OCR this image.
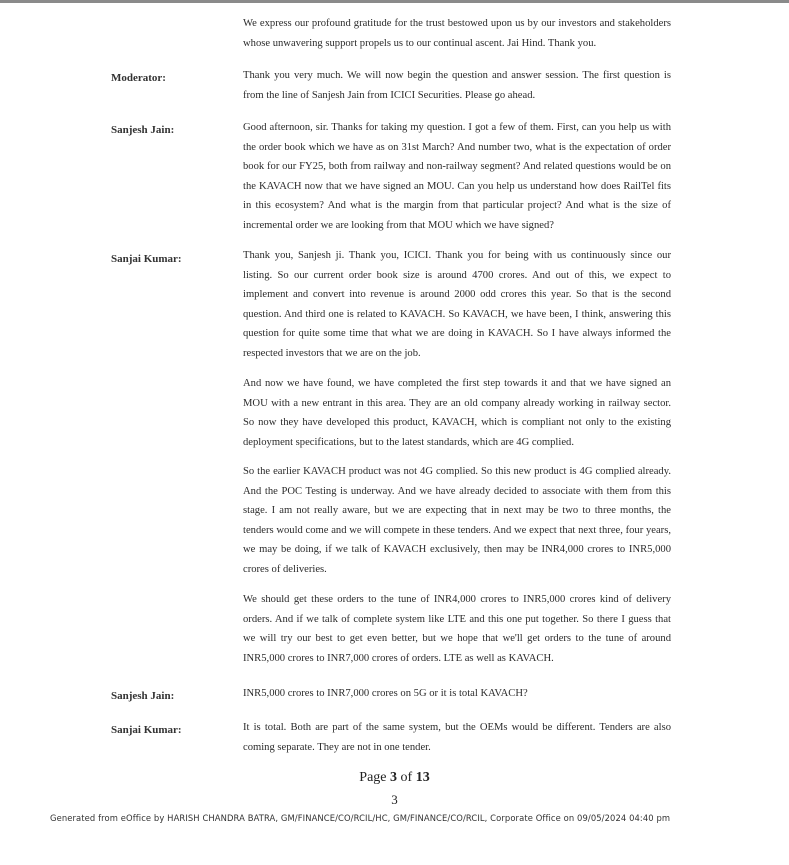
We express our profound gratitude for the trust bestowed upon us by our investors and stakeholders whose unwavering support propels us to our continual ascent. Jai Hind. Thank you.
Moderator:	Thank you very much. We will now begin the question and answer session. The first question is from the line of Sanjesh Jain from ICICI Securities. Please go ahead.
Sanjesh Jain:	Good afternoon, sir. Thanks for taking my question. I got a few of them. First, can you help us with the order book which we have as on 31st March? And number two, what is the expectation of order book for our FY25, both from railway and non-railway segment? And related questions would be on the KAVACH now that we have signed an MOU. Can you help us understand how does RailTel fits in this ecosystem? And what is the margin from that particular project? And what is the size of incremental order we are looking from that MOU which we have signed?
Sanjai Kumar:	Thank you, Sanjesh ji. Thank you, ICICI. Thank you for being with us continuously since our listing. So our current order book size is around 4700 crores. And out of this, we expect to implement and convert into revenue is around 2000 odd crores this year. So that is the second question. And third one is related to KAVACH. So KAVACH, we have been, I think, answering this question for quite some time that what we are doing in KAVACH. So I have always informed the respected investors that we are on the job.
And now we have found, we have completed the first step towards it and that we have signed an MOU with a new entrant in this area. They are an old company already working in railway sector. So now they have developed this product, KAVACH, which is compliant not only to the existing deployment specifications, but to the latest standards, which are 4G complied.
So the earlier KAVACH product was not 4G complied. So this new product is 4G complied already. And the POC Testing is underway. And we have already decided to associate with them from this stage. I am not really aware, but we are expecting that in next may be two to three months, the tenders would come and we will compete in these tenders. And we expect that next three, four years, we may be doing, if we talk of KAVACH exclusively, then may be INR4,000 crores to INR5,000 crores of deliveries.
We should get these orders to the tune of INR4,000 crores to INR5,000 crores kind of delivery orders. And if we talk of complete system like LTE and this one put together. So there I guess that we will try our best to get even better, but we hope that we'll get orders to the tune of around INR5,000 crores to INR7,000 crores of orders. LTE as well as KAVACH.
Sanjesh Jain:	INR5,000 crores to INR7,000 crores on 5G or it is total KAVACH?
Sanjai Kumar:	It is total. Both are part of the same system, but the OEMs would be different. Tenders are also coming separate. They are not in one tender.
Page 3 of 13
3
Generated from eOffice by HARISH CHANDRA BATRA, GM/FINANCE/CO/RCIL/HC, GM/FINANCE/CO/RCIL, Corporate Office on 09/05/2024 04:40 pm
